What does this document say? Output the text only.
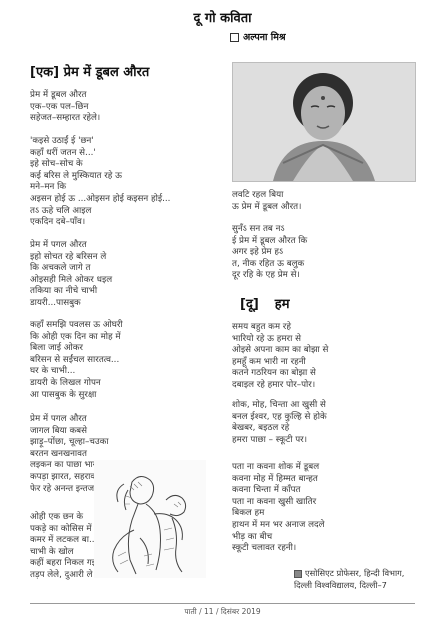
दू गो कविता
अल्पना मिश्र
[एक] प्रेम में डूबल औरत
प्रेम में डूबल औरत
एक–एक पल–छिन
सहेजत–सम्हारत रहेले।
'कइसे उठाईं ई 'छन'
कहाँ धरीं जतन से...'
इहे सोच–सोच के
कई बरिस ले मुस्कियात रहे ऊ
मने–मन कि
अइसन होई ऊ ...ओइसन होई कइसन होई...
तऽ ऊहे चलि आइल
एकदिन दबे–पाँव।
प्रेम में पगल औरत
इहो सोचत रहे बरिसन ले
कि अचकले जागे त
ओइसही मिले ओकर धइल
तकिया का नीचे चाभी
डायरी...पासबुक
कहाँ समझि पवलस ऊ ओघरी
कि ओही एक दिन का मोह में
बिला जाई ओकर
बरिसन से सईंचल सारतत्व...
घर के चाभी...
डायरी के लिखल गोपन
आ पासबुक के सुरक्षा
प्रेम में पगल औरत
जागल बिया कबसे
झाड़ू–पोंछा, चूल्हा–चउका
बरतन खनखनावत
लइकन का पाछा भागत
कपड़ा झारत, सहरावत
फेर रहे अनन्त इन्तजार...
ओही एक छन के
पकड़े का कोसिस में निढाल
कमर में लटकल बा...
चाभी के खोल
कहीं बहरा निकल गइला के
तड़प लेले, दुआरी ले जाके
लवटि रहल बिया
ऊ प्रेम में डूबल औरत।
सुनँऽ सन तब नऽ
ई प्रेम में डूबल औरत कि
अगर इहे प्रेम हऽ
त, नीक रहित ऊ बलुक
दूर रहि के एह प्रेम से।
[दू] हम
समय बहुत कम रहे
भारियो रहे ऊ हमरा से
ओइसे अपना काम का बोझा से
हमहूँ कम भारी ना रहनी
कतने गठरियन का बोझा से
दबाइल रहे हमार पोर–पोर।
शोक, मोह, चिन्ता आ खुसी से
बनल ईश्वर, एह कुल्हि से होके
बेखबर, बइठल रहे
हमरा पाछा – स्कूटी पर।
पता ना कवना शोक में डूबल
कवना मोह में हिम्मत बान्हत
कवना चिन्ता में काँपत
पता ना कवना खुसी खातिर
बिकल हम
हाथन में मन भर अनाज लदले
भीड़ का बीच
स्कूटी चलावत रहनी।
एसोसिएट प्रोफेसर, हिन्दी विभाग,
दिल्ली विश्वविद्यालय, दिल्ली–7
पाती / 11 / दिसंबर 2019
